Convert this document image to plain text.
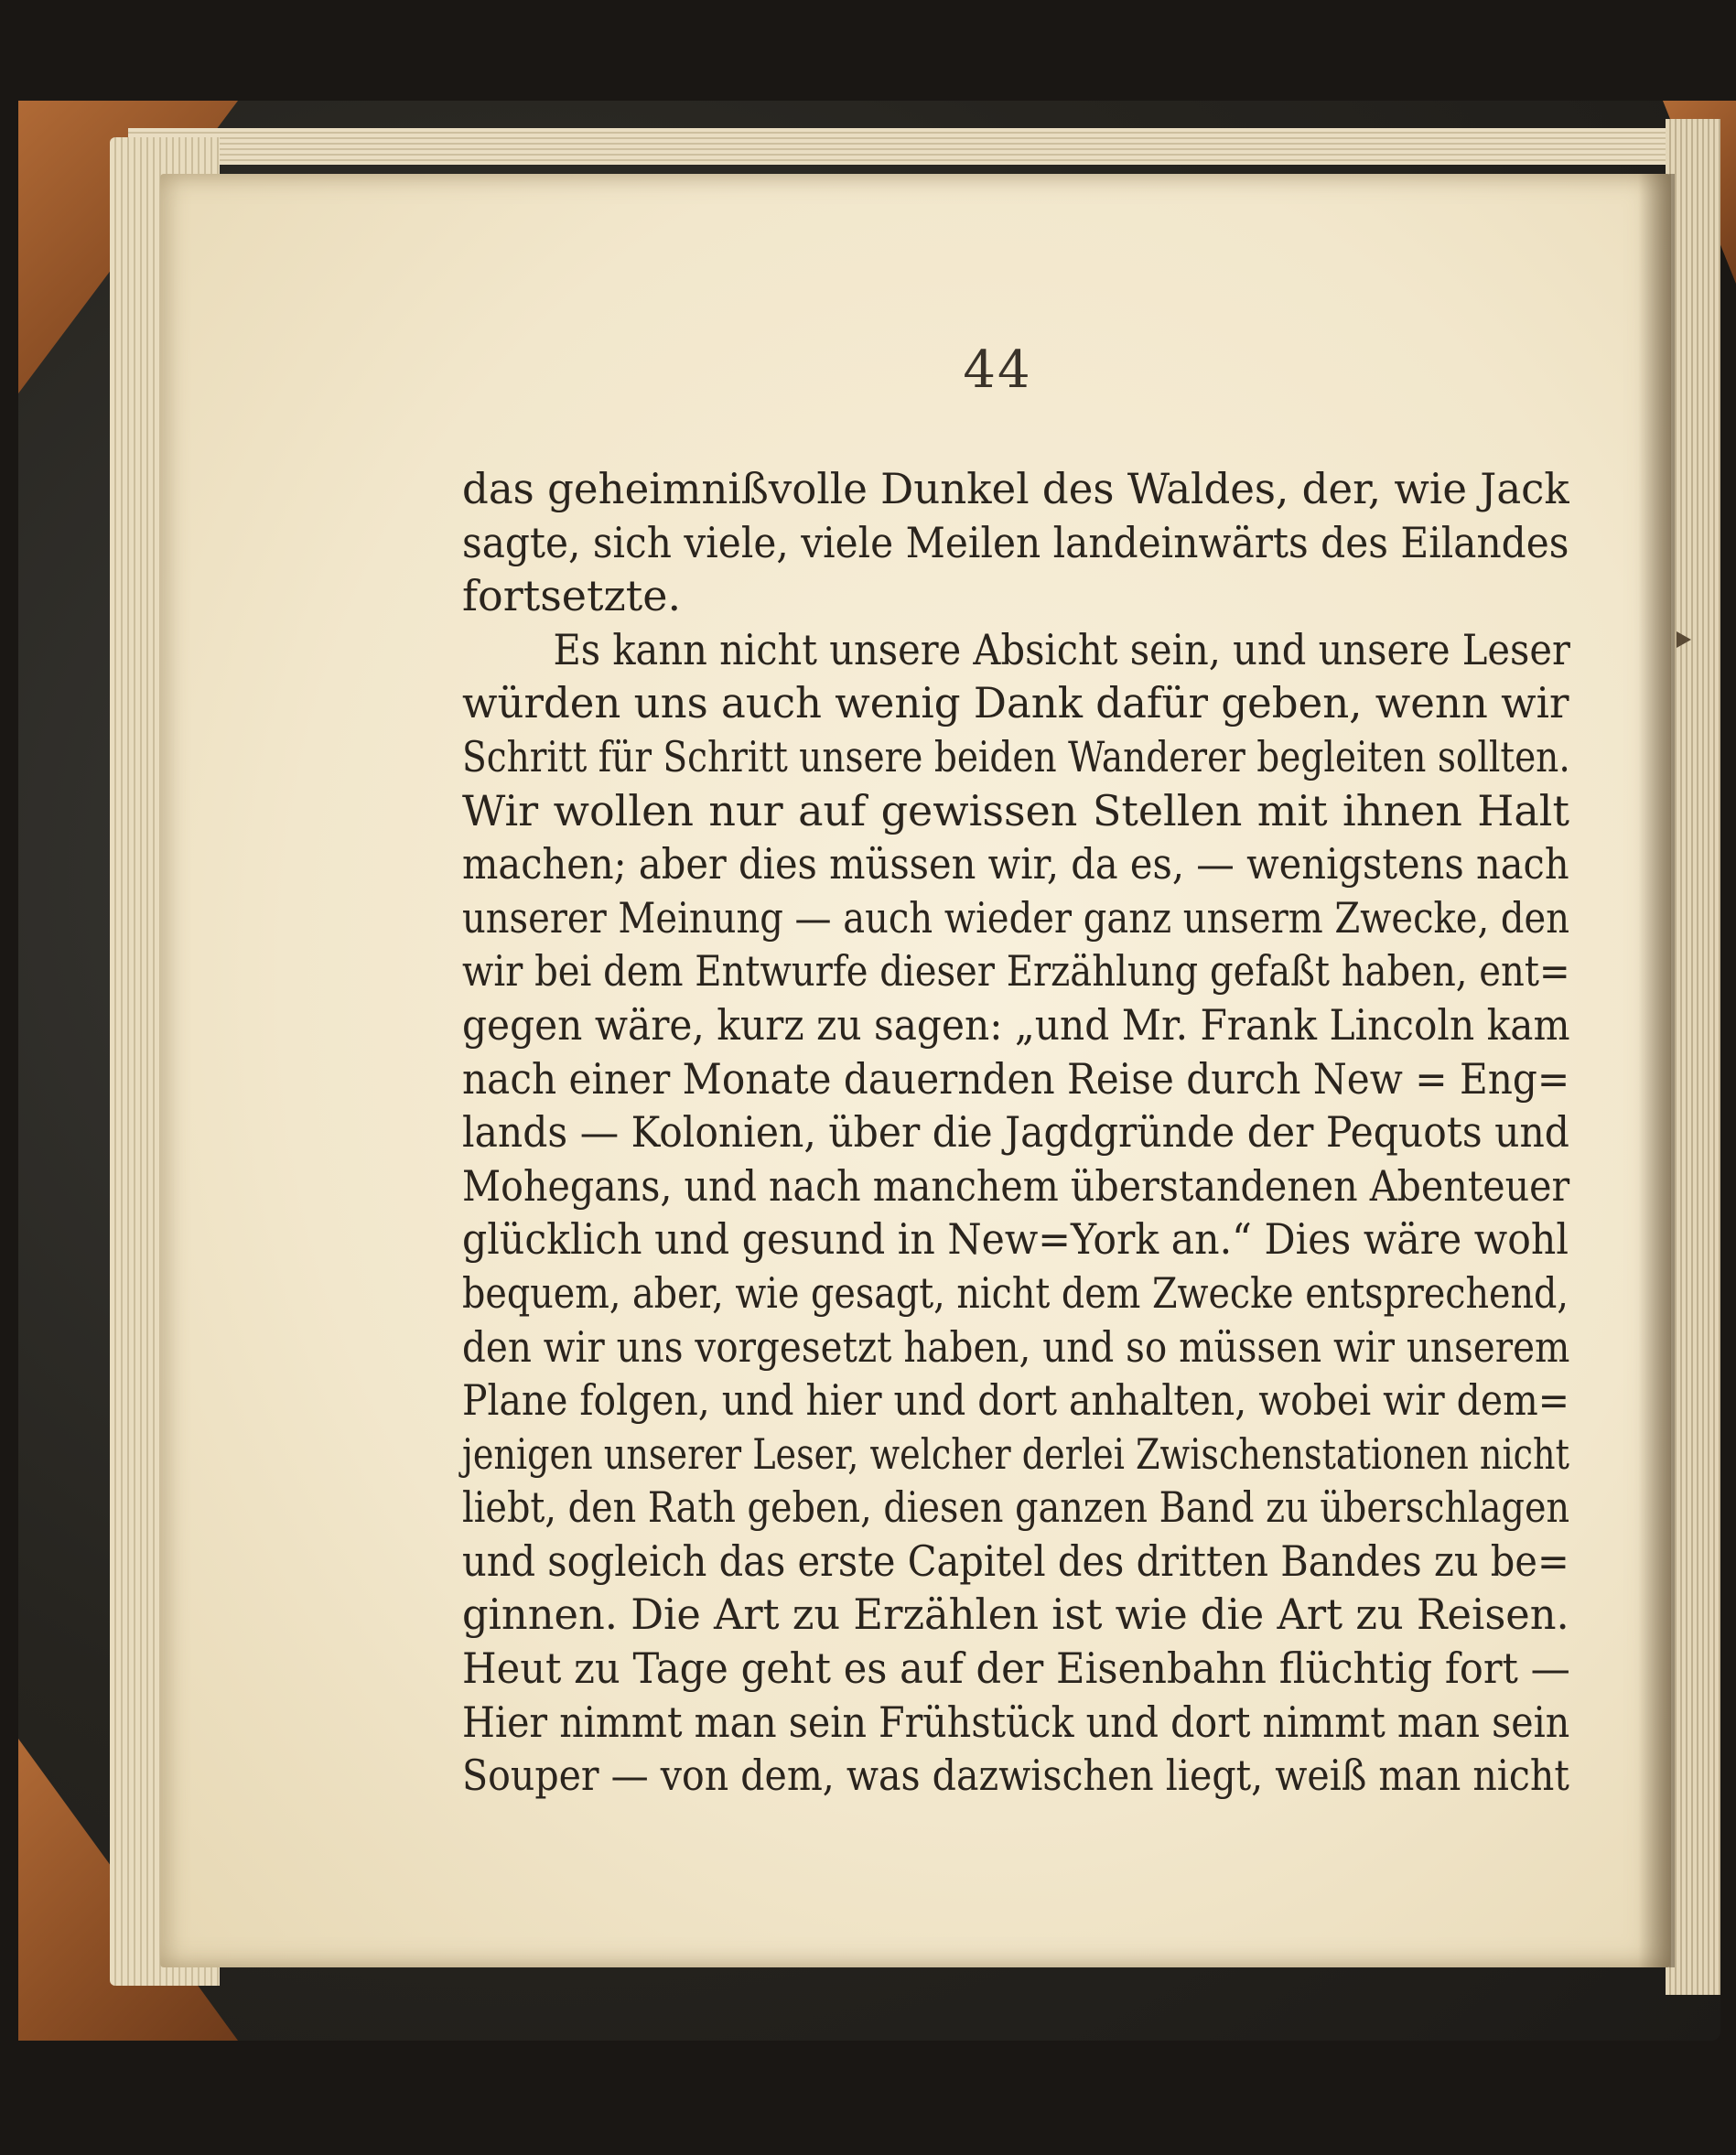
44
das geheimnißvolle Dunkel des Waldes, der, wie Jack
sagte, sich viele, viele Meilen landeinwärts des Eilandes
fortsetzte.
Es kann nicht unsere Absicht sein, und unsere Leser
würden uns auch wenig Dank dafür geben, wenn wir
Schritt für Schritt unsere beiden Wanderer begleiten sollten.
Wir wollen nur auf gewissen Stellen mit ihnen Halt
machen; aber dies müssen wir, da es, — wenigstens nach
unserer Meinung — auch wieder ganz unserm Zwecke, den
wir bei dem Entwurfe dieser Erzählung gefaßt haben, ent=
gegen wäre, kurz zu sagen: „und Mr. Frank Lincoln kam
nach einer Monate dauernden Reise durch New = Eng=
lands — Kolonien, über die Jagdgründe der Pequots und
Mohegans, und nach manchem überstandenen Abenteuer
glücklich und gesund in New=York an.“ Dies wäre wohl
bequem, aber, wie gesagt, nicht dem Zwecke entsprechend,
den wir uns vorgesetzt haben, und so müssen wir unserem
Plane folgen, und hier und dort anhalten, wobei wir dem=
jenigen unserer Leser, welcher derlei Zwischenstationen nicht
liebt, den Rath geben, diesen ganzen Band zu überschlagen
und sogleich das erste Capitel des dritten Bandes zu be=
ginnen. Die Art zu Erzählen ist wie die Art zu Reisen.
Heut zu Tage geht es auf der Eisenbahn flüchtig fort —
Hier nimmt man sein Frühstück und dort nimmt man sein
Souper — von dem, was dazwischen liegt, weiß man nicht
